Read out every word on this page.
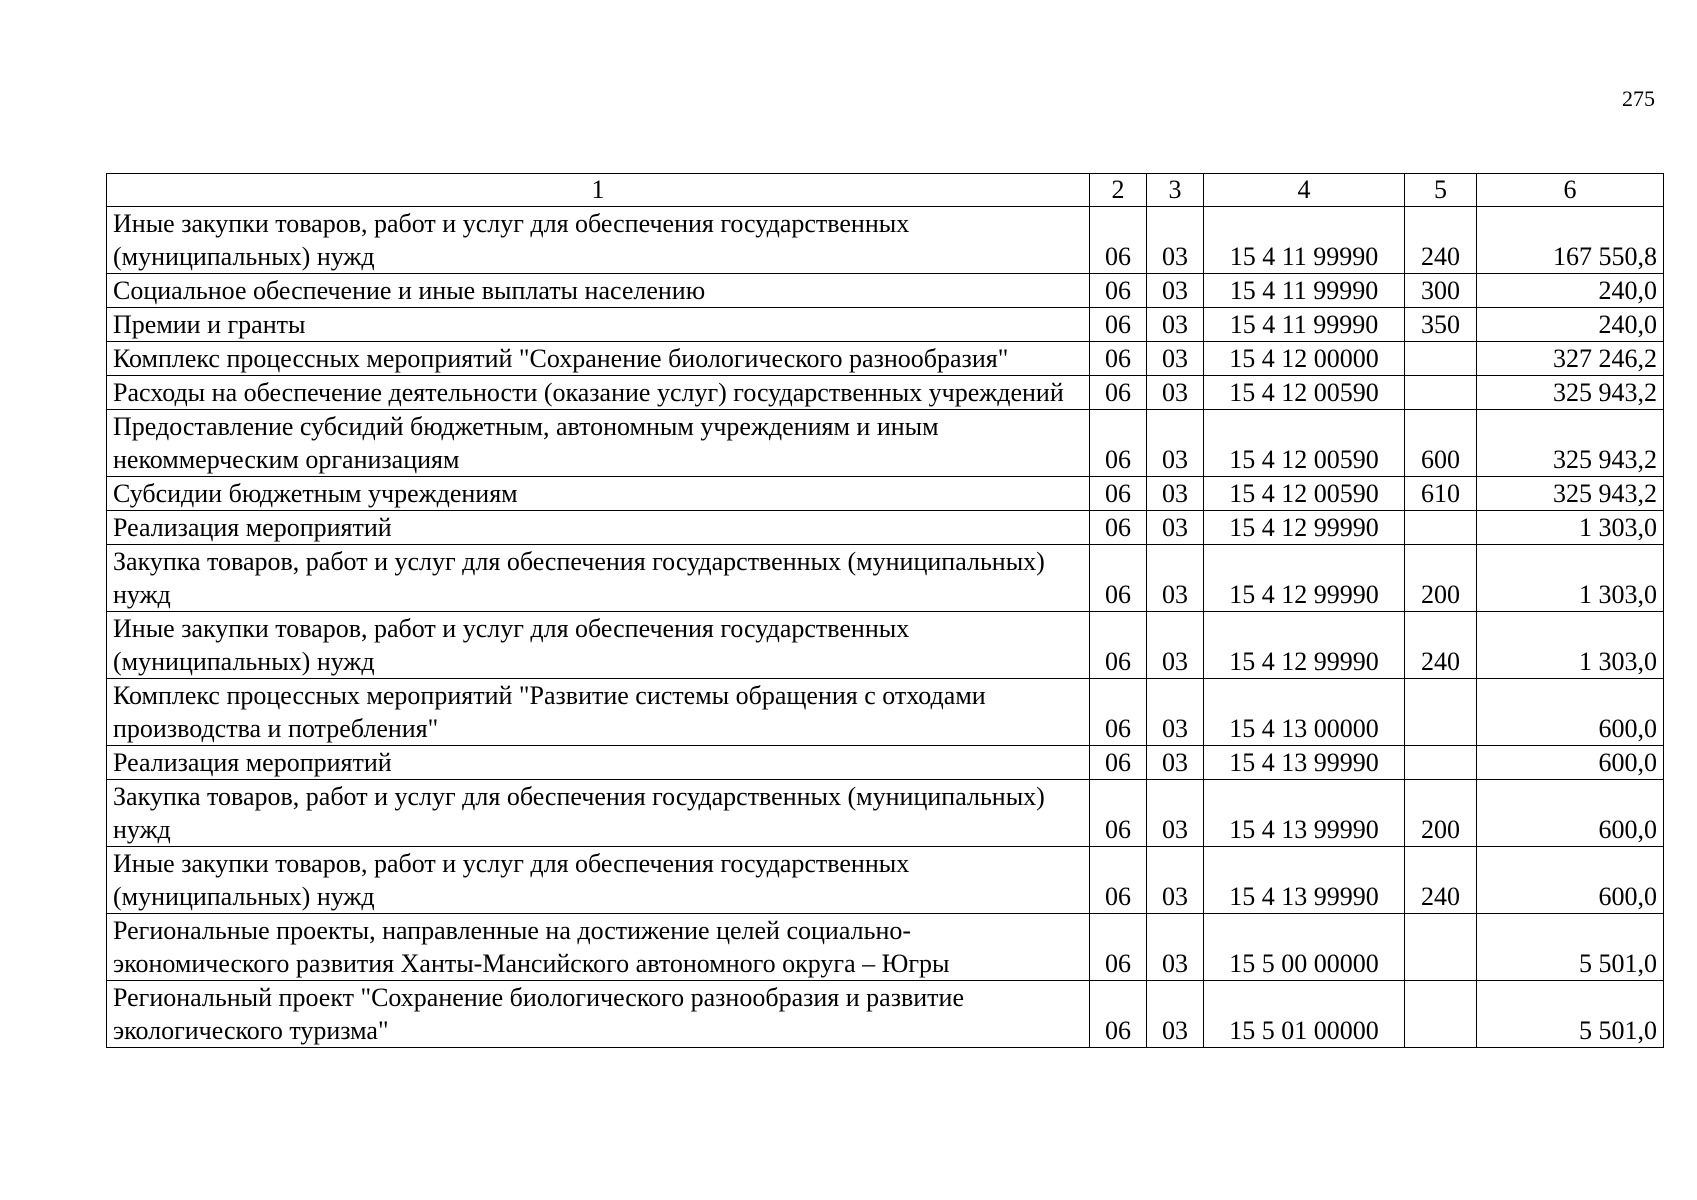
275
1	2	3	4	5	6
Иные закупки товаров, работ и услуг для обеспечения государственных (муниципальных) нужд	06	03	15 4 11 99990	240	167 550,8
Социальное обеспечение и иные выплаты населению	06	03	15 4 11 99990	300	240,0
Премии и гранты	06	03	15 4 11 99990	350	240,0
Комплекс процессных мероприятий "Сохранение биологического разнообразия"	06	03	15 4 12 00000		327 246,2
Расходы на обеспечение деятельности (оказание услуг) государственных учреждений	06	03	15 4 12 00590		325 943,2
Предоставление субсидий бюджетным, автономным учреждениям и иным некоммерческим организациям	06	03	15 4 12 00590	600	325 943,2
Субсидии бюджетным учреждениям	06	03	15 4 12 00590	610	325 943,2
Реализация мероприятий	06	03	15 4 12 99990		1 303,0
Закупка товаров, работ и услуг для обеспечения государственных (муниципальных) нужд	06	03	15 4 12 99990	200	1 303,0
Иные закупки товаров, работ и услуг для обеспечения государственных (муниципальных) нужд	06	03	15 4 12 99990	240	1 303,0
Комплекс процессных мероприятий "Развитие системы обращения с отходами производства и потребления"	06	03	15 4 13 00000		600,0
Реализация мероприятий	06	03	15 4 13 99990		600,0
Закупка товаров, работ и услуг для обеспечения государственных (муниципальных) нужд	06	03	15 4 13 99990	200	600,0
Иные закупки товаров, работ и услуг для обеспечения государственных (муниципальных) нужд	06	03	15 4 13 99990	240	600,0
Региональные проекты, направленные на достижение целей социально-экономического развития Ханты-Мансийского автономного округа – Югры	06	03	15 5 00 00000		5 501,0
Региональный проект "Сохранение биологического разнообразия и развитие экологического туризма"	06	03	15 5 01 00000		5 501,0
